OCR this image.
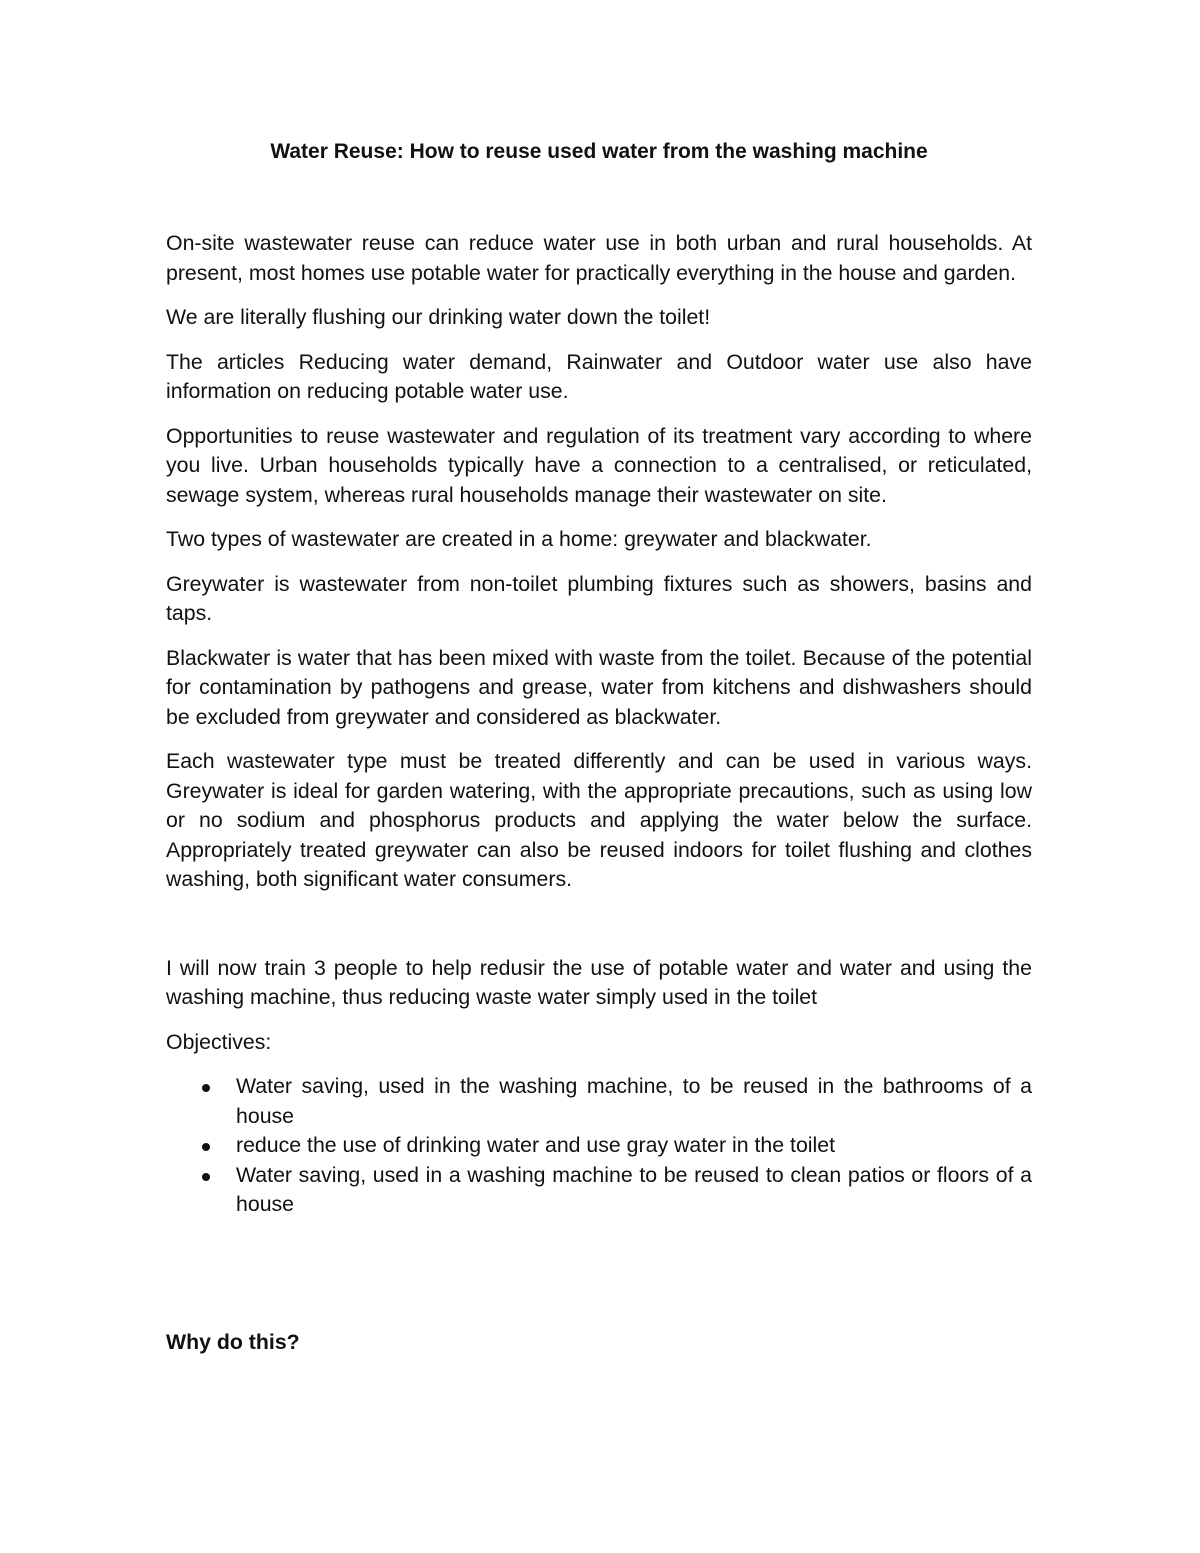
Water Reuse: How to reuse used water from the washing machine

On-site wastewater reuse can reduce water use in both urban and rural households. At present, most homes use potable water for practically everything in the house and garden.

We are literally flushing our drinking water down the toilet!

The articles Reducing water demand, Rainwater and Outdoor water use also have information on reducing potable water use.

Opportunities to reuse wastewater and regulation of its treatment vary according to where you live. Urban households typically have a connection to a centralised, or reticulated, sewage system, whereas rural households manage their wastewater on site.

Two types of wastewater are created in a home: greywater and blackwater.

Greywater is wastewater from non-toilet plumbing fixtures such as showers, basins and taps.

Blackwater is water that has been mixed with waste from the toilet. Because of the potential for contamination by pathogens and grease, water from kitchens and dishwashers should be excluded from greywater and considered as blackwater.

Each wastewater type must be treated differently and can be used in various ways. Greywater is ideal for garden watering, with the appropriate precautions, such as using low or no sodium and phosphorus products and applying the water below the surface. Appropriately treated greywater can also be reused indoors for toilet flushing and clothes washing, both significant water consumers.

I will now train 3 people to help redusir the use of potable water and water and using the washing machine, thus reducing waste water simply used in the toilet

Objectives:

Water saving, used in the washing machine, to be reused in the bathrooms of a house
reduce the use of drinking water and use gray water in the toilet
Water saving, used in a washing machine to be reused to clean patios or floors of a house

Why do this?
